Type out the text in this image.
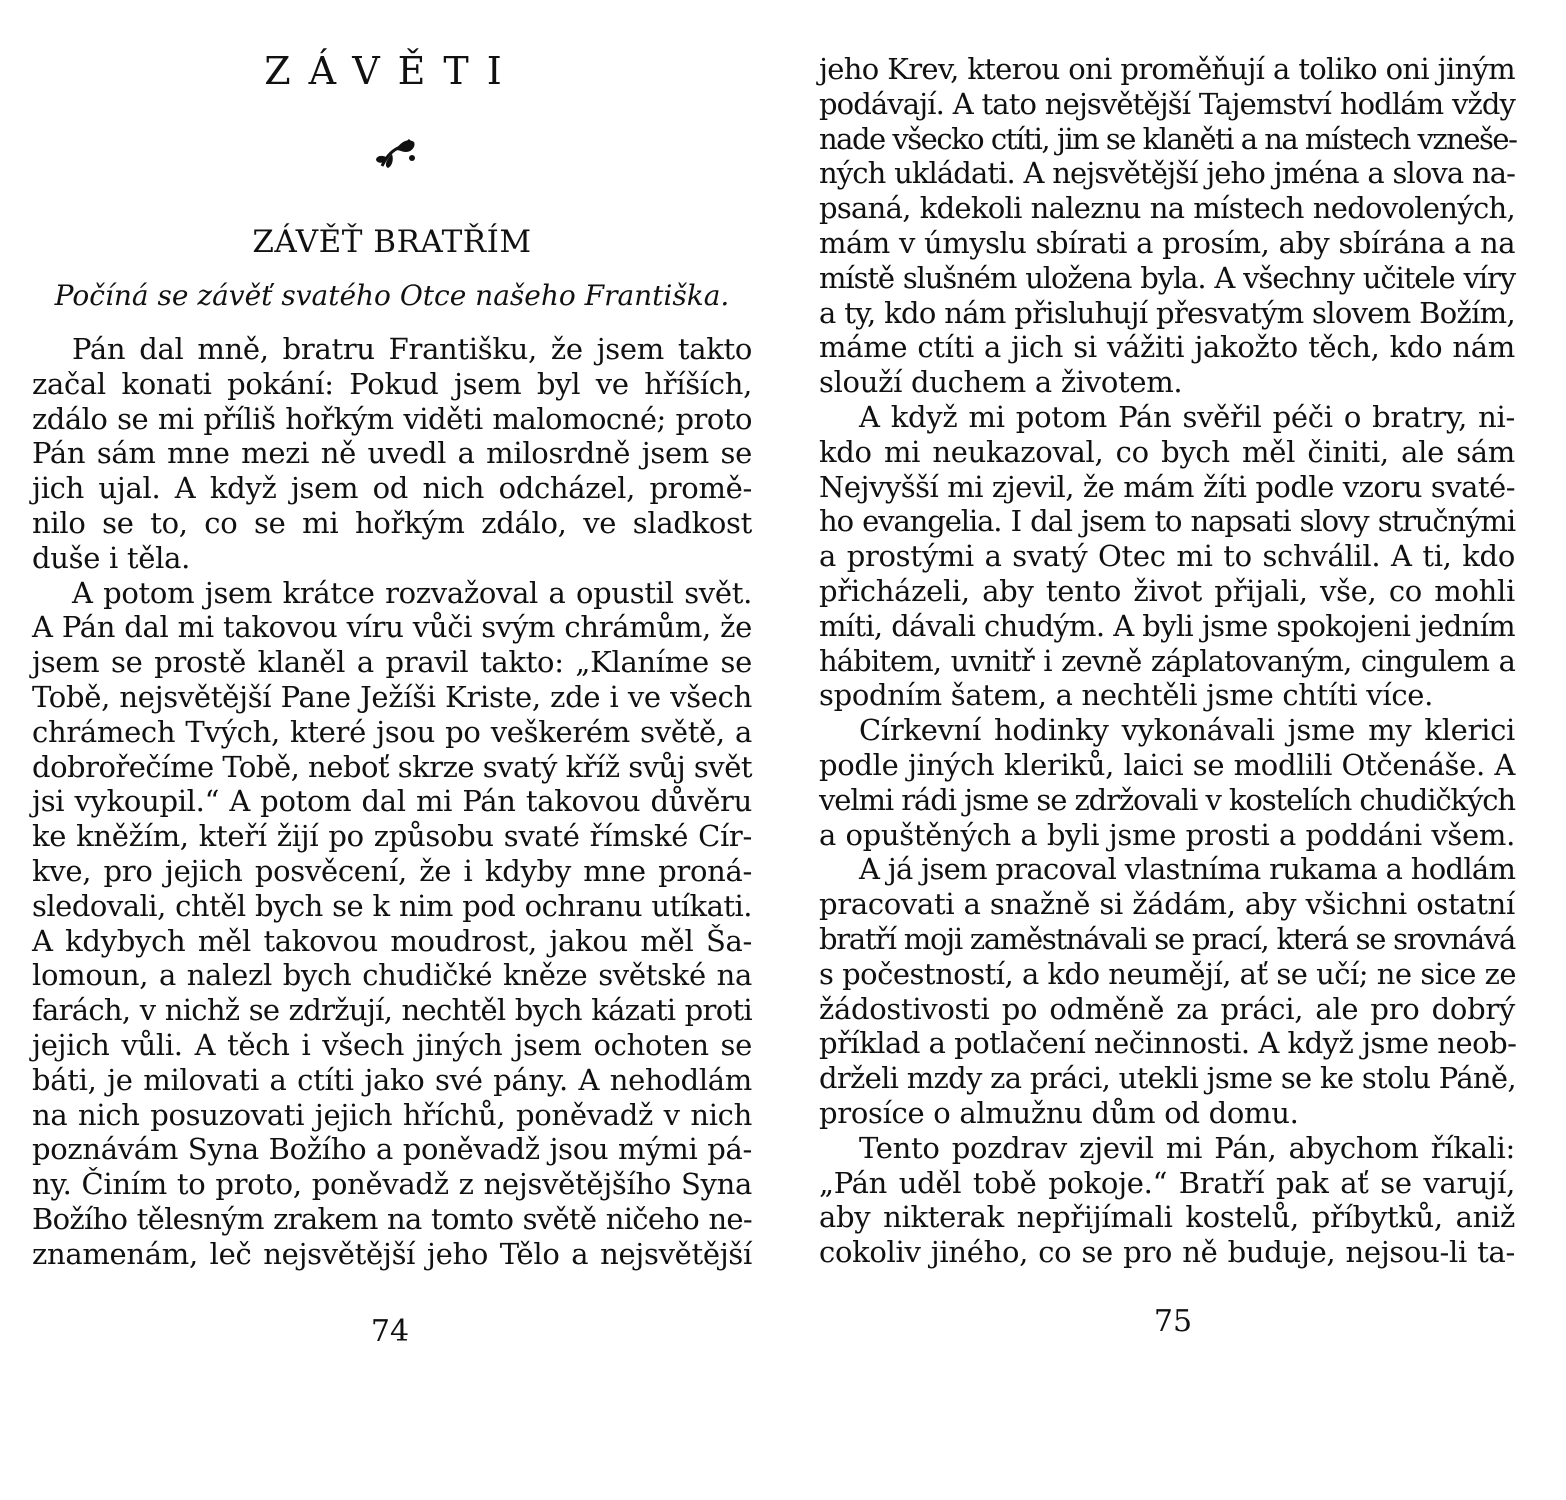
ZÁVĚTI
ZÁVĚŤ BRATŘÍM
Počíná se závěť svatého Otce našeho Františka.
Pán dal mně, bratru Františku, že jsem takto
začal konati pokání: Pokud jsem byl ve hříších,
zdálo se mi příliš hořkým viděti malomocné; proto
Pán sám mne mezi ně uvedl a milosrdně jsem se
jich ujal. A když jsem od nich odcházel, promě-
nilo se to, co se mi hořkým zdálo, ve sladkost
duše i těla.
A potom jsem krátce rozvažoval a opustil svět.
A Pán dal mi takovou víru vůči svým chrámům, že
jsem se prostě klaněl a pravil takto: „Klaníme se
Tobě, nejsvětější Pane Ježíši Kriste, zde i ve všech
chrámech Tvých, které jsou po veškerém světě, a
dobrořečíme Tobě, neboť skrze svatý kříž svůj svět
jsi vykoupil.“ A potom dal mi Pán takovou důvěru
ke kněžím, kteří žijí po způsobu svaté římské Cír-
kve, pro jejich posvěcení, že i kdyby mne proná-
sledovali, chtěl bych se k nim pod ochranu utíkati.
A kdybych měl takovou moudrost, jakou měl Ša-
lomoun, a nalezl bych chudičké kněze světské na
farách, v nichž se zdržují, nechtěl bych kázati proti
jejich vůli. A těch i všech jiných jsem ochoten se
báti, je milovati a ctíti jako své pány. A nehodlám
na nich posuzovati jejich hříchů, poněvadž v nich
poznávám Syna Božího a poněvadž jsou mými pá-
ny. Činím to proto, poněvadž z nejsvětějšího Syna
Božího tělesným zrakem na tomto světě ničeho ne-
znamenám, leč nejsvětější jeho Tělo a nejsvětější
74
jeho Krev, kterou oni proměňují a toliko oni jiným
podávají. A tato nejsvětější Tajemství hodlám vždy
nade všecko ctíti, jim se klaněti a na místech vzneše-
ných ukládati. A nejsvětější jeho jména a slova na-
psaná, kdekoli naleznu na místech nedovolených,
mám v úmyslu sbírati a prosím, aby sbírána a na
místě slušném uložena byla. A všechny učitele víry
a ty, kdo nám přisluhují přesvatým slovem Božím,
máme ctíti a jich si vážiti jakožto těch, kdo nám
slouží duchem a životem.
A když mi potom Pán svěřil péči o bratry, ni-
kdo mi neukazoval, co bych měl činiti, ale sám
Nejvyšší mi zjevil, že mám žíti podle vzoru svaté-
ho evangelia. I dal jsem to napsati slovy stručnými
a prostými a svatý Otec mi to schválil. A ti, kdo
přicházeli, aby tento život přijali, vše, co mohli
míti, dávali chudým. A byli jsme spokojeni jedním
hábitem, uvnitř i zevně záplatovaným, cingulem a
spodním šatem, a nechtěli jsme chtíti více.
Církevní hodinky vykonávali jsme my klerici
podle jiných kleriků, laici se modlili Otčenáše. A
velmi rádi jsme se zdržovali v kostelích chudičkých
a opuštěných a byli jsme prosti a poddáni všem.
A já jsem pracoval vlastníma rukama a hodlám
pracovati a snažně si žádám, aby všichni ostatní
bratří moji zaměstnávali se prací, která se srovnává
s počestností, a kdo neumějí, ať se učí; ne sice ze
žádostivosti po odměně za práci, ale pro dobrý
příklad a potlačení nečinnosti. A když jsme neob-
drželi mzdy za práci, utekli jsme se ke stolu Páně,
prosíce o almužnu dům od domu.
Tento pozdrav zjevil mi Pán, abychom říkali:
„Pán uděl tobě pokoje.“ Bratří pak ať se varují,
aby nikterak nepřijímali kostelů, příbytků, aniž
cokoliv jiného, co se pro ně buduje, nejsou-li ta-
75
